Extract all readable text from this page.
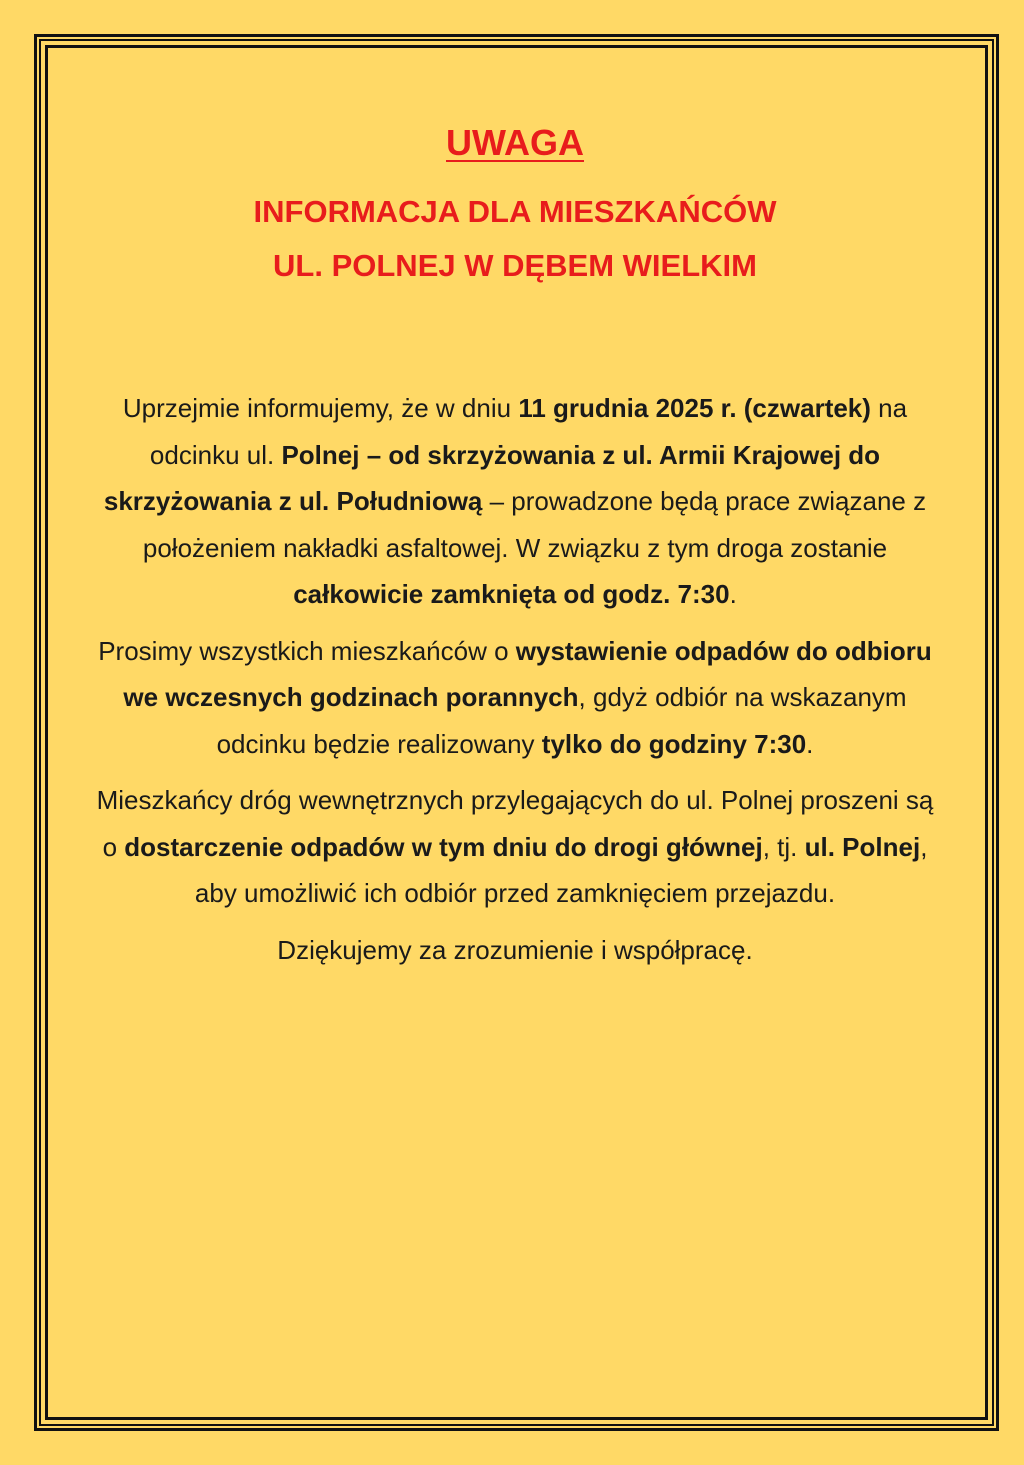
UWAGA
INFORMACJA DLA MIESZKAŃCÓW
UL. POLNEJ W DĘBEM WIELKIM

Uprzejmie informujemy, że w dniu 11 grudnia 2025 r. (czwartek) na odcinku ul. Polnej – od skrzyżowania z ul. Armii Krajowej do skrzyżowania z ul. Południową – prowadzone będą prace związane z położeniem nakładki asfaltowej. W związku z tym droga zostanie całkowicie zamknięta od godz. 7:30.

Prosimy wszystkich mieszkańców o wystawienie odpadów do odbioru we wczesnych godzinach porannych, gdyż odbiór na wskazanym odcinku będzie realizowany tylko do godziny 7:30.

Mieszkańcy dróg wewnętrznych przylegających do ul. Polnej proszeni są o dostarczenie odpadów w tym dniu do drogi głównej, tj. ul. Polnej, aby umożliwić ich odbiór przed zamknięciem przejazdu.

Dziękujemy za zrozumienie i współpracę.
